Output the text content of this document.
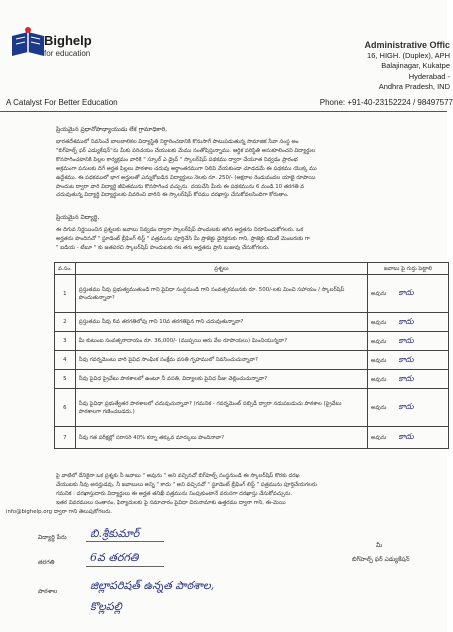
Bighelp
for education
A Catalyst For Better Education
Administrative Offic
16, HIGH. (Duplex), APH
Balajinagar, Kukatpe
Hyderabad -
Andhra Pradesh, IND
Phone: +91-40-23152224 / 98497577
ప్రియమైన ప్రధానోపాధ్యాయుడు లేక గ్రామాధికారి,
భారతదేశములో నివసించే బాలబాలికల విద్యాస్థితి నిర్ధారించడానికి కొనుసాగే పాటుపడుతున్న సామాజిక సేవా సంస్థ అం
"బిగ్‌హెల్ప్ ఫర్ ఎడ్యుకేషన్"ను మీకు పరిచయం చేయుటకు మేము సంతోషిస్తున్నాము. ఆర్థిక పరిస్థితి అనుకూలించని విద్యార్థుల
కొనసాగించటానికి పిల్లల కార్యక్రమం వారికి " స్కూల్ ఎ డ్రైవ్ " స్కాలర్‌షిప్ పథకము ద్వారా చేయూత నివ్వడం ప్రారంభ
అక్రమంగా పనులకు దిగే అర్హత పిల్లలు పాఠశాల చదువు అర్ధాంతరముగా నిలిపి వేయకుండా చూడడమే ఈ పథకము యొక్క ము
ఉద్దేశము. ఈ పథకములో భాగ అర్హులతో ఎన్నుకోబడిన విద్యార్థులు నెలకు రూ. 250/- (అక్షరాల రెండువందల యాభై రూపాయి
పొందుట ద్వారా వారి విద్యార్థి జీవితమును కొనసాగించ వచ్చును. దయచేసి మీరు ఈ పథకమును 6 మండి 10 తరగతి వ
చదువుతున్న విద్యార్థి విద్యార్థులకు వివరించి వారిని ఈ స్కాలర్‌షిప్ కోసము దరఖాస్తు చేసుకోవలసిందిగా కోరుతాం.
ప్రియమైన విద్యార్థి,
ఈ దిగువ నిర్ణయించిన ప్రశ్నలకు జవాబు నివ్వడం ద్వారా స్కాలర్‌షిప్ పొందుటకు తగిన అర్హతను నిరూపించుకోగలరు. ఒక
అర్హతను పొందినచో " స్టూడెంట్ బ్రీఫింగ్ లిస్ట్ " పత్రమును పూర్తిచేసి మీ ప్రాజెక్టు డైరెక్టరుకు గాని, ప్రాజెక్టు కమిటీ మెంబరుకు గా
" ఐడియ - టేబూ " కు జతపరచి స్కాలర్‌షిప్ పొందుటకు గల తగు అర్హతను ప్రాసి బుజువు చేసుకోగలరు.
వ.సం.	ప్రశ్నలు	జవాబు పై గుర్తు పెట్టాలి
1	ప్రస్తుతము నీవు ప్రభుత్వముతుండి గాని పైవిధా సంస్థనుండి గాని సంవత్సరమునకు రూ. 500/-లకు మించి సహాయం / స్కాలర్‌షిప్ పొందుతున్నావా?	అవును కాదు
2	ప్రస్తుతము నీవు 6వ తరగతిలోపు గాని 10వ తరగతిపైన గాని చదువుతున్నావా?	అవును కాదు
3	మీ కుటుంబ సంవత్సరాదాయం రూ. 36,000/- (ముప్పయి ఆరు వేల రూపాయలు) మించియున్నదా?	అవును కాదు
4	నీవు గవర్నమెంటు వారి పైవిధ సాంఘిక సంక్షేమ వసతి గృహములో నివసించుచున్నావా?	అవును కాదు
5	నీవు పైవిధ ప్రైవేటు పాఠశాలలో ఉంటూ నీ వసతి, విద్యాలకు పైవిధ పీజు చెల్లించుచున్నావా?	అవును కాదు
6	నీవు పైవిధా ప్రభుత్వేతర పాఠశాలలో చదువుచున్నావా? (గమనిక - గవర్నమెంట్ సబ్సిడీ ద్వారా నడుపబడుచు పాఠశాల (ప్రైవేటు పాఠశాలగా గణించబడదు.)	అవును కాదు
7	నీవు గత పరీక్షల్లో సరాసరి 40% కన్నా తక్కువ మార్కులు పొందినావా?	అవును కాదు
పై వాటిలో దేనికైనా ఒక ప్రశ్నకు నీ జవాబు " అవును " అని వచ్చినచో బిగ్‌హెల్ప్ సంస్థనుండి ఈ స్కాలర్‌షిప్ కొరకు దరఖ
చేయుటకు నీవు అనర్హుడవు. నీ జవాబులు అన్ని " కాదు " అని వచ్చినచో " స్టూడెంట్ బ్రీఫింగ్ లిస్ట్ " పత్రమును పూర్తిచేయగలరు
గమనిక : దరఖాస్తుదారు విద్యార్థులు ఈ అర్హత తనిఖీ పత్రమును నింపుకుంటానే వరుసగా దరఖాస్తు చేసుకోవచ్చును.
ఇతర వివరములు సంతానం, ఫిర్యాదులకు పై సమాచారం పైవిధా చిరునామాకు ఉత్తరము ద్వారా గాని, ఈ-మెయి
info@bighelp.org ద్వారా గాని తెలుపుకోగలరు.
విద్యార్థి పేరు బి.శ్రీకుమార్
తరగతి	6వ తరగతి
పాఠశాల	జిల్లాపరిషత్ ఉన్నత పాఠశాల,
కొల్లపల్లి
మీ
బిగ్‌హెల్ప్ ఫర్ ఎడ్యుకేషన్
